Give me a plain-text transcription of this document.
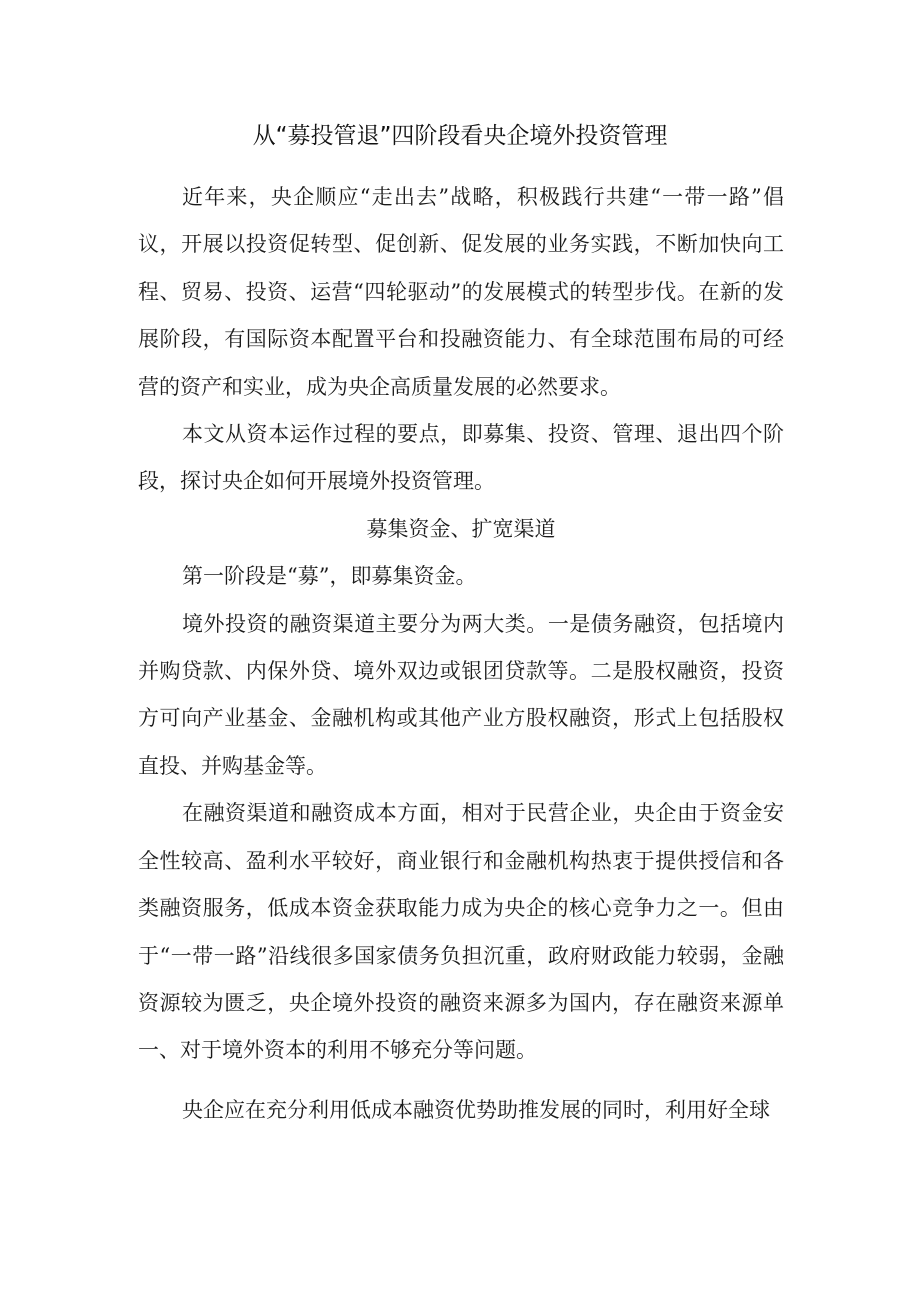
从“募投管退”四阶段看央企境外投资管理

近年来，央企顺应“走出去”战略，积极践行共建“一带一路”倡议，开展以投资促转型、促创新、促发展的业务实践，不断加快向工程、贸易、投资、运营“四轮驱动”的发展模式的转型步伐。在新的发展阶段，有国际资本配置平台和投融资能力、有全球范围布局的可经营的资产和实业，成为央企高质量发展的必然要求。

本文从资本运作过程的要点，即募集、投资、管理、退出四个阶段，探讨央企如何开展境外投资管理。

募集资金、扩宽渠道

第一阶段是“募”，即募集资金。

境外投资的融资渠道主要分为两大类。一是债务融资，包括境内并购贷款、内保外贷、境外双边或银团贷款等。二是股权融资，投资方可向产业基金、金融机构或其他产业方股权融资，形式上包括股权直投、并购基金等。

在融资渠道和融资成本方面，相对于民营企业，央企由于资金安全性较高、盈利水平较好，商业银行和金融机构热衷于提供授信和各类融资服务，低成本资金获取能力成为央企的核心竞争力之一。但由于“一带一路”沿线很多国家债务负担沉重，政府财政能力较弱，金融资源较为匮乏，央企境外投资的融资来源多为国内，存在融资来源单一、对于境外资本的利用不够充分等问题。

央企应在充分利用低成本融资优势助推发展的同时，利用好全球
